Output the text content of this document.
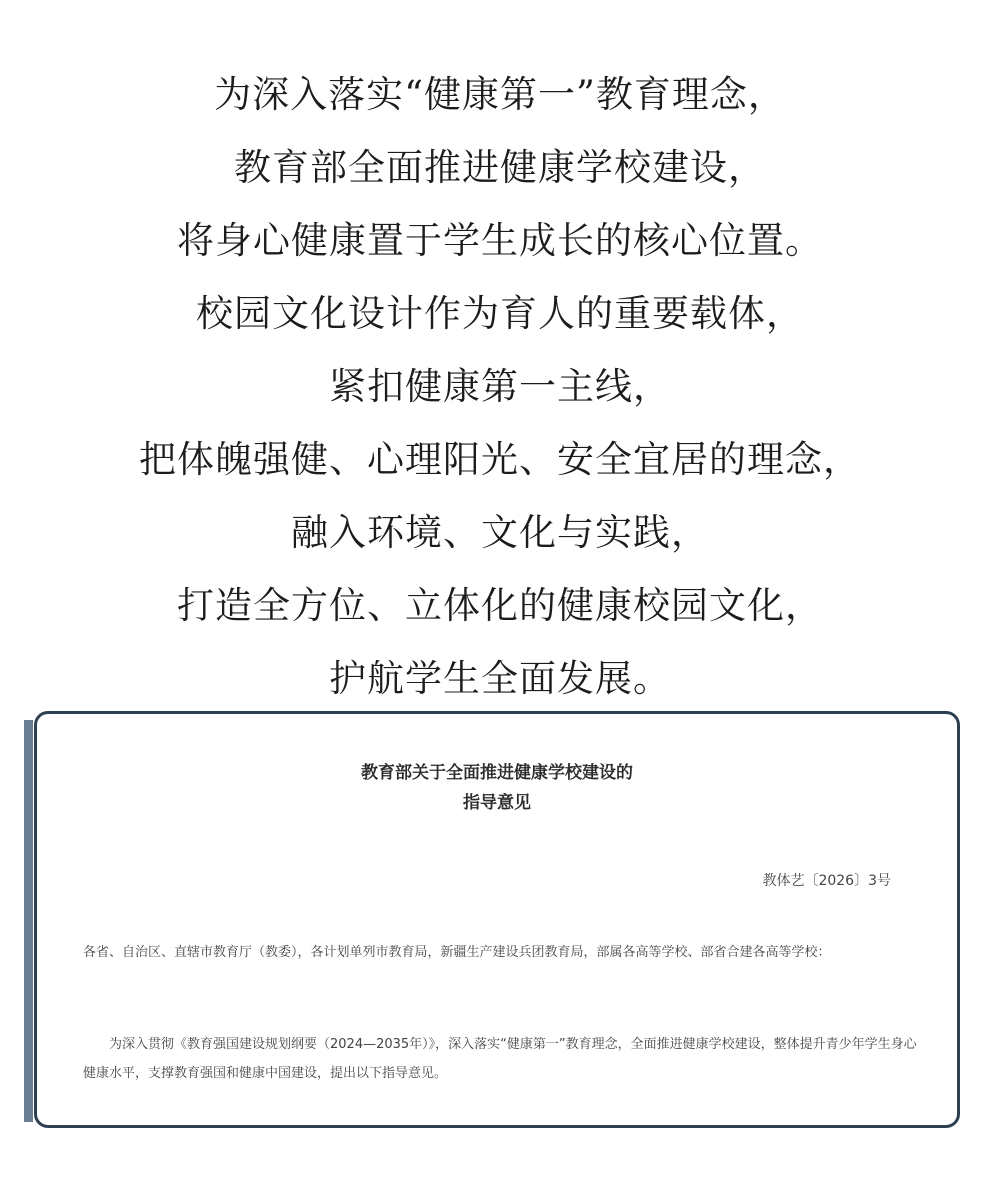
为深入落实“健康第一”教育理念，
教育部全面推进健康学校建设，
将身心健康置于学生成长的核心位置。
校园文化设计作为育人的重要载体，
紧扣健康第一主线，
把体魄强健、心理阳光、安全宜居的理念，
融入环境、文化与实践，
打造全方位、立体化的健康校园文化，
护航学生全面发展。
教育部关于全面推进健康学校建设的
指导意见
教体艺〔2026〕3号
各省、自治区、直辖市教育厅（教委），各计划单列市教育局，新疆生产建设兵团教育局，部属各高等学校、部省合建各高等学校：
为深入贯彻《教育强国建设规划纲要（2024—2035年）》，深入落实“健康第一”教育理念，全面推进健康学校建设，整体提升青少年学生身心健康水平，支撑教育强国和健康中国建设，提出以下指导意见。
